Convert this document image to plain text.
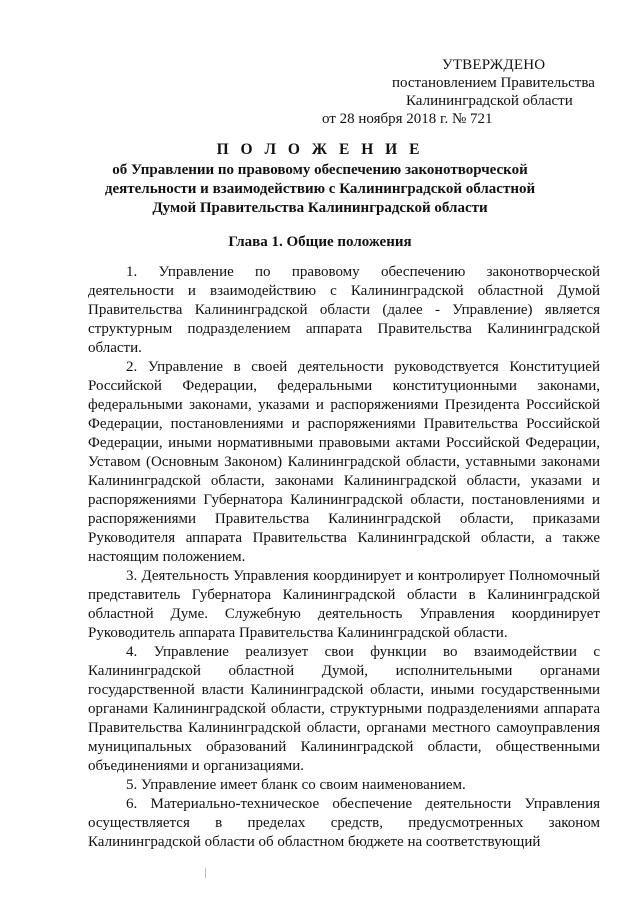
УТВЕРЖДЕНО
постановлением Правительства
Калининградской области
от 28 ноября 2018 г. № 721
П О Л О Ж Е Н И Е
об Управлении по правовому обеспечению законотворческой деятельности и взаимодействию с Калининградской областной Думой Правительства Калининградской области
Глава 1. Общие положения

1. Управление по правовому обеспечению законотворческой деятельности и взаимодействию с Калининградской областной Думой Правительства Калининградской области (далее - Управление) является структурным подразделением аппарата Правительства Калининградской области.

2. Управление в своей деятельности руководствуется Конституцией Российской Федерации, федеральными конституционными законами, федеральными законами, указами и распоряжениями Президента Российской Федерации, постановлениями и распоряжениями Правительства Российской Федерации, иными нормативными правовыми актами Российской Федерации, Уставом (Основным Законом) Калининградской области, уставными законами Калининградской области, законами Калининградской области, указами и распоряжениями Губернатора Калининградской области, постановлениями и распоряжениями Правительства Калининградской области, приказами Руководителя аппарата Правительства Калининградской области, а также настоящим положением.

3. Деятельность Управления координирует и контролирует Полномочный представитель Губернатора Калининградской области в Калининградской областной Думе. Служебную деятельность Управления координирует Руководитель аппарата Правительства Калининградской области.

4. Управление реализует свои функции во взаимодействии с Калининградской областной Думой, исполнительными органами государственной власти Калининградской области, иными государственными органами Калининградской области, структурными подразделениями аппарата Правительства Калининградской области, органами местного самоуправления муниципальных образований Калининградской области, общественными объединениями и организациями.

5. Управление имеет бланк со своим наименованием.

6. Материально-техническое обеспечение деятельности Управления осуществляется в пределах средств, предусмотренных законом Калининградской области об областном бюджете на соответствующий
